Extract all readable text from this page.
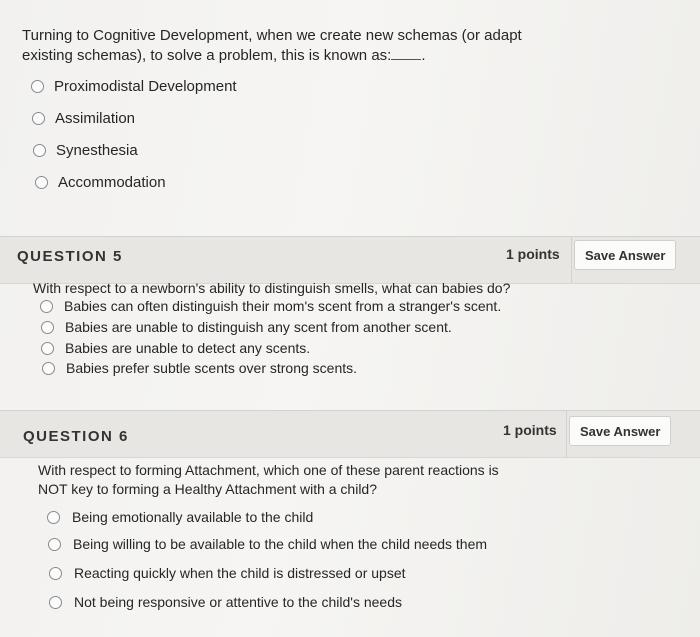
Turning to Cognitive Development, when we create new schemas (or adapt existing schemas), to solve a problem, this is known as: .
Proximodistal Development
Assimilation
Synesthesia
Accommodation
QUESTION 5	1 points	Save Answer
With respect to a newborn's ability to distinguish smells, what can babies do?
Babies can often distinguish their mom's scent from a stranger's scent.
Babies are unable to distinguish any scent from another scent.
Babies are unable to detect any scents.
Babies prefer subtle scents over strong scents.
QUESTION 6	1 points	Save Answer
With respect to forming Attachment, which one of these parent reactions is
NOT key to forming a Healthy Attachment with a child?
Being emotionally available to the child
Being willing to be available to the child when the child needs them
Reacting quickly when the child is distressed or upset
Not being responsive or attentive to the child's needs
